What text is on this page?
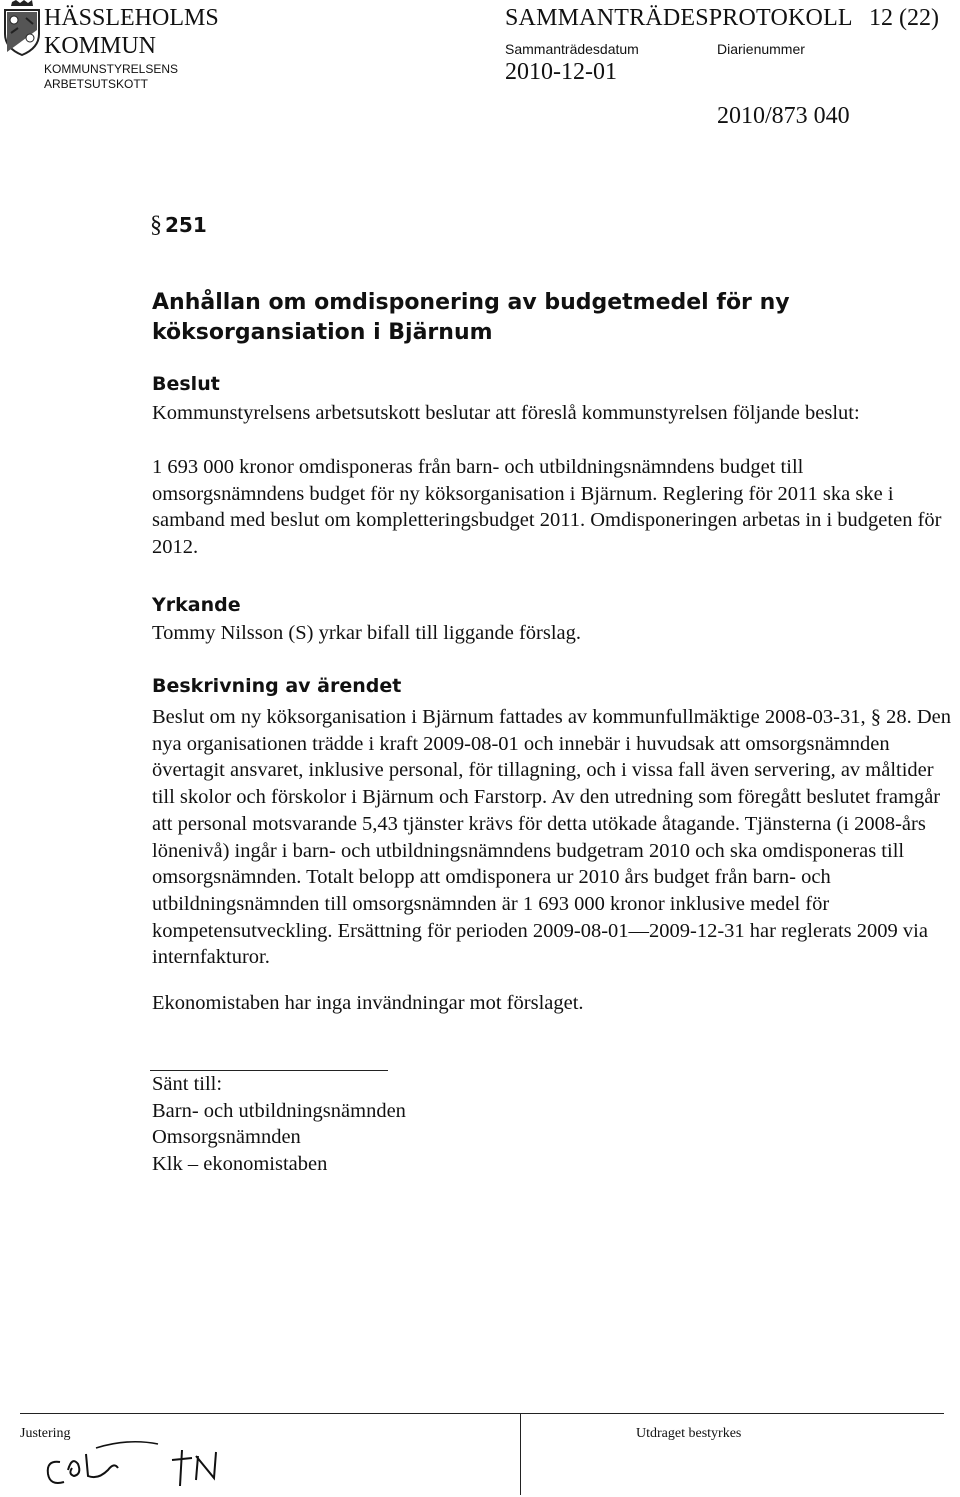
HÄSSLEHOLMS
KOMMUN
KOMMUNSTYRELSENS
ARBETSUTSKOTT
SAMMANTRÄDESPROTOKOLL 12 (22)
Sammanträdesdatum
2010-12-01
Diarienummer
2010/873 040
§ 251
Anhållan om omdisponering av budgetmedel för ny köksorgansiation i Bjärnum
Beslut
Kommunstyrelsens arbetsutskott beslutar att föreslå kommunstyrelsen följande beslut:
1 693 000 kronor omdisponeras från barn- och utbildningsnämndens budget till omsorgsnämndens budget för ny köksorganisation i Bjärnum. Reglering för 2011 ska ske i samband med beslut om kompletteringsbudget 2011. Omdisponeringen arbetas in i budgeten för 2012.
Yrkande
Tommy Nilsson (S) yrkar bifall till liggande förslag.
Beskrivning av ärendet
Beslut om ny köksorganisation i Bjärnum fattades av kommunfullmäktige 2008-03-31, § 28. Den nya organisationen trädde i kraft 2009-08-01 och innebär i huvudsak att omsorgsnämnden övertagit ansvaret, inklusive personal, för tillagning, och i vissa fall även servering, av måltider till skolor och förskolor i Bjärnum och Farstorp. Av den utredning som föregått beslutet framgår att personal motsvarande 5,43 tjänster krävs för detta utökade åtagande. Tjänsterna (i 2008-års lönenivå) ingår i barn- och utbildningsnämndens budgetram 2010 och ska omdisponeras till omsorgsnämnden. Totalt belopp att omdisponera ur 2010 års budget från barn- och utbildningsnämnden till omsorgsnämnden är 1 693 000 kronor inklusive medel för kompetensutveckling. Ersättning för perioden 2009-08-01—2009-12-31 har reglerats 2009 via internfakturor.
Ekonomistaben har inga invändningar mot förslaget.
Sänt till:
Barn- och utbildningsnämnden
Omsorgsnämnden
Klk – ekonomistaben
Justering	Utdraget bestyrkes
